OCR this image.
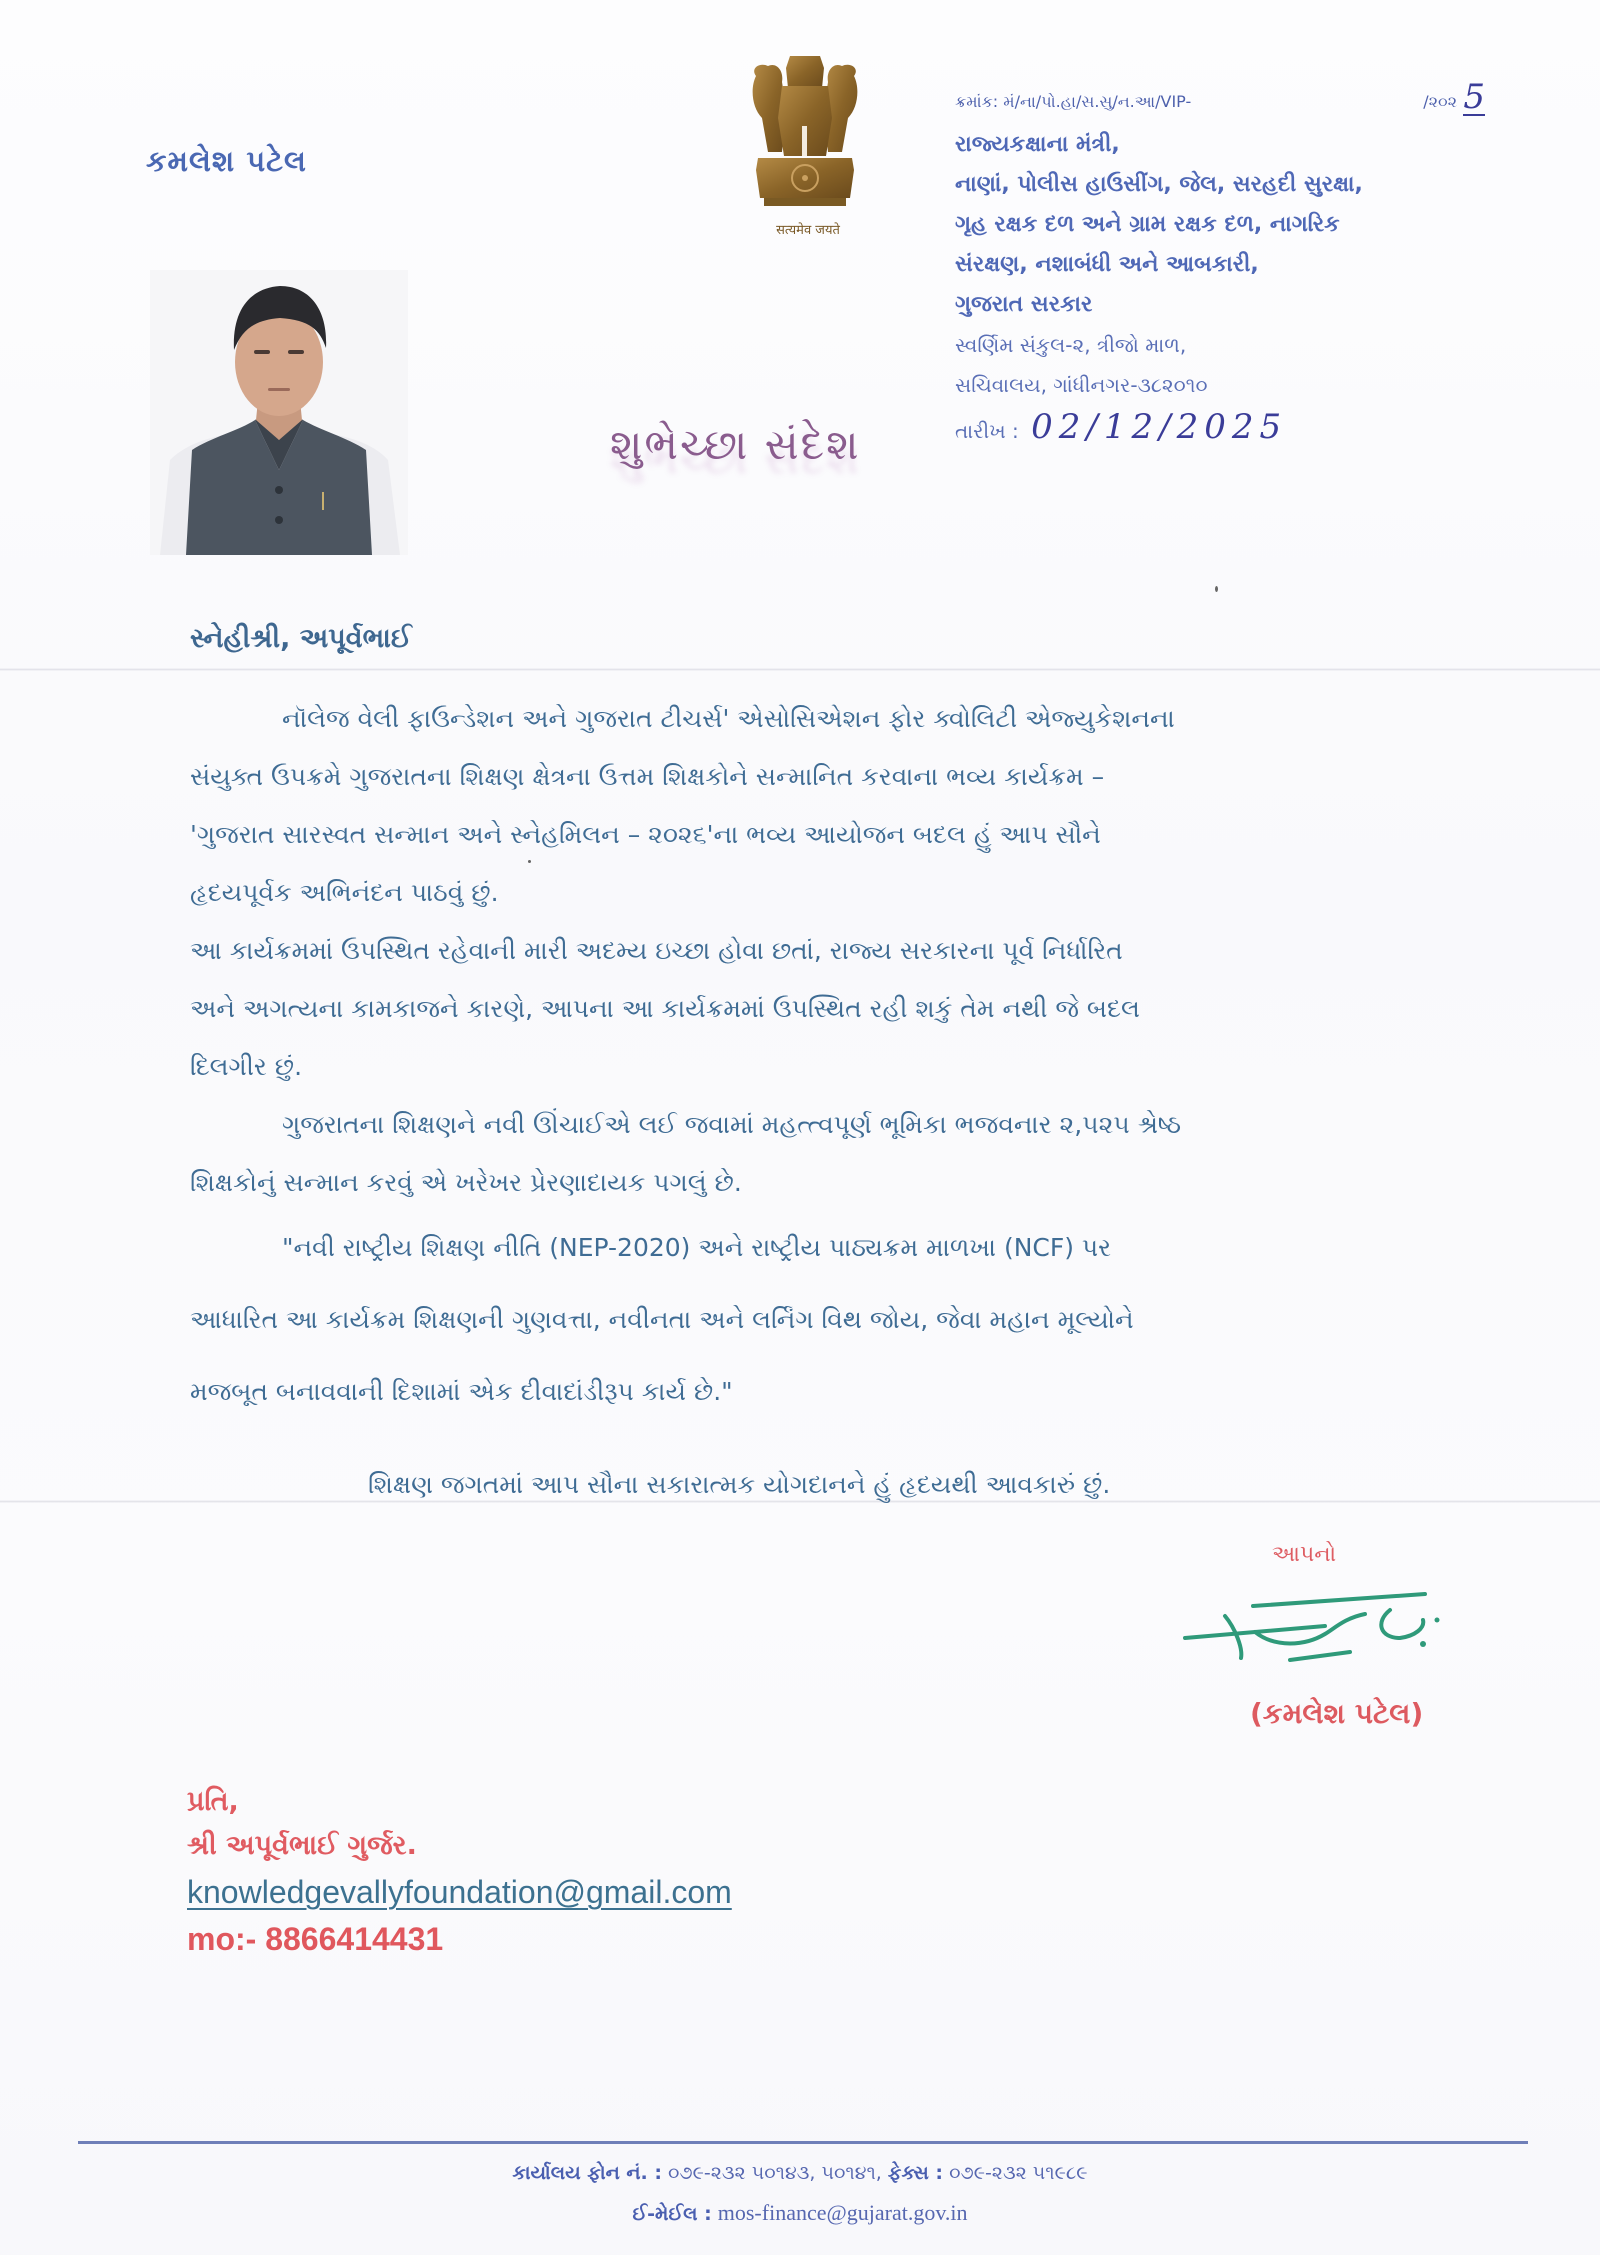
કમલેશ પટેલ
सत्यमेव जयते
શુભેચ્છા સંદેશ
ક્રમાંક: મં/ના/પો.હા/સ.સુ/ન.આ/VIP-	/૨૦૨ 5
રાજ્યકક્ષાના મંત્રી,
નાણાં, પોલીસ હાઉસીંગ, જેલ, સરહદી સુરક્ષા,
ગૃહ રક્ષક દળ અને ગ્રામ રક્ષક દળ, નાગરિક
સંરક્ષણ, નશાબંધી અને આબકારી,
ગુજરાત સરકાર
સ્વર્ણિમ સંકુલ-૨, ત્રીજો માળ,
સચિવાલય, ગાંધીનગર-૩૮૨૦૧૦
તારીખ : 02/12/2025
સ્નેહીશ્રી, અપૂર્વભાઈ
નૉલેજ વેલી ફાઉન્ડેશન અને ગુજરાત ટીચર્સ' એસોસિએશન ફોર ક્વોલિટી એજ્યુકેશનના
સંયુક્ત ઉપક્રમે ગુજરાતના શિક્ષણ ક્ષેત્રના ઉત્તમ શિક્ષકોને સન્માનિત કરવાના ભવ્ય કાર્યક્રમ –
'ગુજરાત સારસ્વત સન્માન અને સ્નેહમિલન – ૨૦૨૬'ના ભવ્ય આયોજન બદલ હું આપ સૌને
હૃદયપૂર્વક અભિનંદન પાઠવું છું.
આ કાર્યક્રમમાં ઉપસ્થિત રહેવાની મારી અદમ્ય ઇચ્છા હોવા છતાં, રાજ્ય સરકારના પૂર્વ નિર્ધારિત
અને અગત્યના કામકાજને કારણે, આપના આ કાર્યક્રમમાં ઉપસ્થિત રહી શકું તેમ નથી જે બદલ
દિલગીર છું.
ગુજરાતના શિક્ષણને નવી ઊંચાઈએ લઈ જવામાં મહત્ત્વપૂર્ણ ભૂમિકા ભજવનાર ૨,૫૨૫ શ્રેષ્ઠ
શિક્ષકોનું સન્માન કરવું એ ખરેખર પ્રેરણાદાયક પગલું છે.
"નવી રાષ્ટ્રીય શિક્ષણ નીતિ (NEP-2020) અને રાષ્ટ્રીય પાઠ્યક્રમ માળખા (NCF) પર
આધારિત આ કાર્યક્રમ શિક્ષણની ગુણવત્તા, નવીનતા અને લર્નિંગ વિથ જોય, જેવા મહાન મૂલ્યોને
મજબૂત બનાવવાની દિશામાં એક દીવાદાંડીરૂપ કાર્ય છે."
શિક્ષણ જગતમાં આપ સૌના સકારાત્મક યોગદાનને હું હૃદયથી આવકારું છું.
આપનો
(કમલેશ પટેલ)
પ્રતિ,
શ્રી અપૂર્વભાઈ ગુર્જર.
knowledgevallyfoundation@gmail.com
mo:- 8866414431
કાર્યાલય ફોન નં. : ૦૭૯-૨૩૨ ૫૦૧૪૩, ૫૦૧૪૧, ફેક્સ : ૦૭૯-૨૩૨ ૫૧૯૮૯
ઈ-મેઈલ : mos-finance@gujarat.gov.in
